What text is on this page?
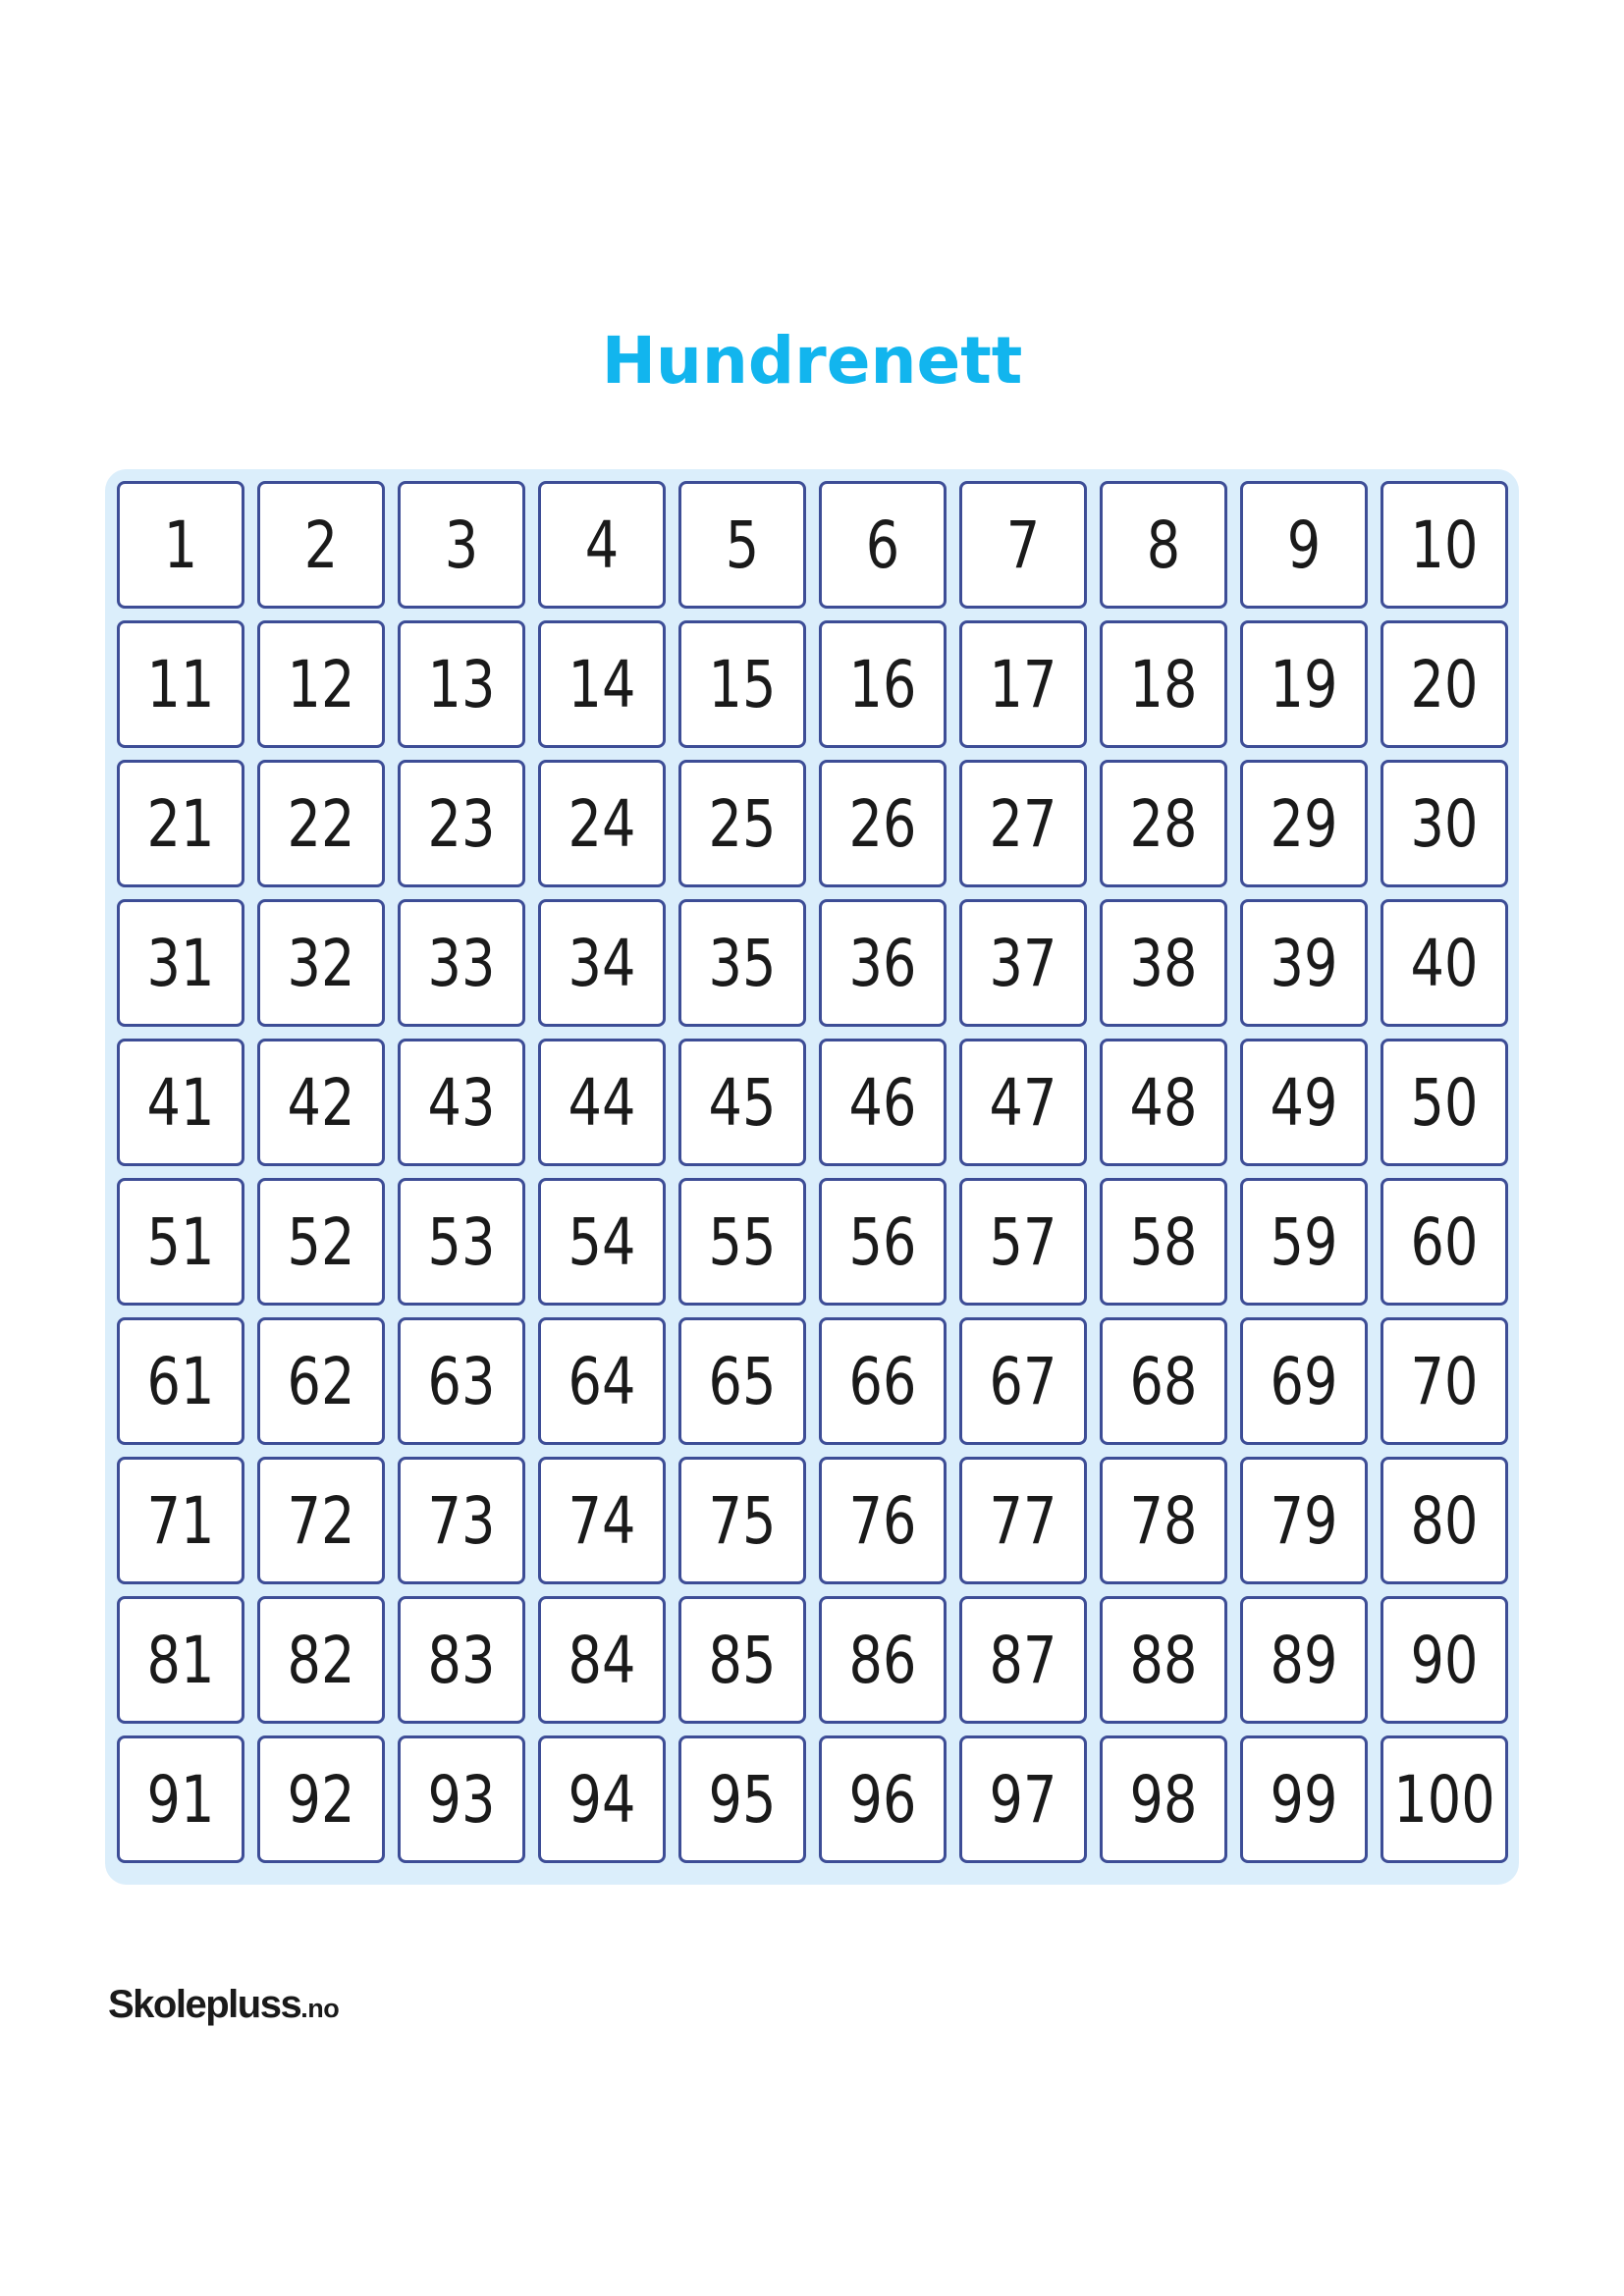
Hundrenett
1 2 3 4 5 6 7 8 9 10
11 12 13 14 15 16 17 18 19 20
21 22 23 24 25 26 27 28 29 30
31 32 33 34 35 36 37 38 39 40
41 42 43 44 45 46 47 48 49 50
51 52 53 54 55 56 57 58 59 60
61 62 63 64 65 66 67 68 69 70
71 72 73 74 75 76 77 78 79 80
81 82 83 84 85 86 87 88 89 90
91 92 93 94 95 96 97 98 99 100
Skolepluss.no
